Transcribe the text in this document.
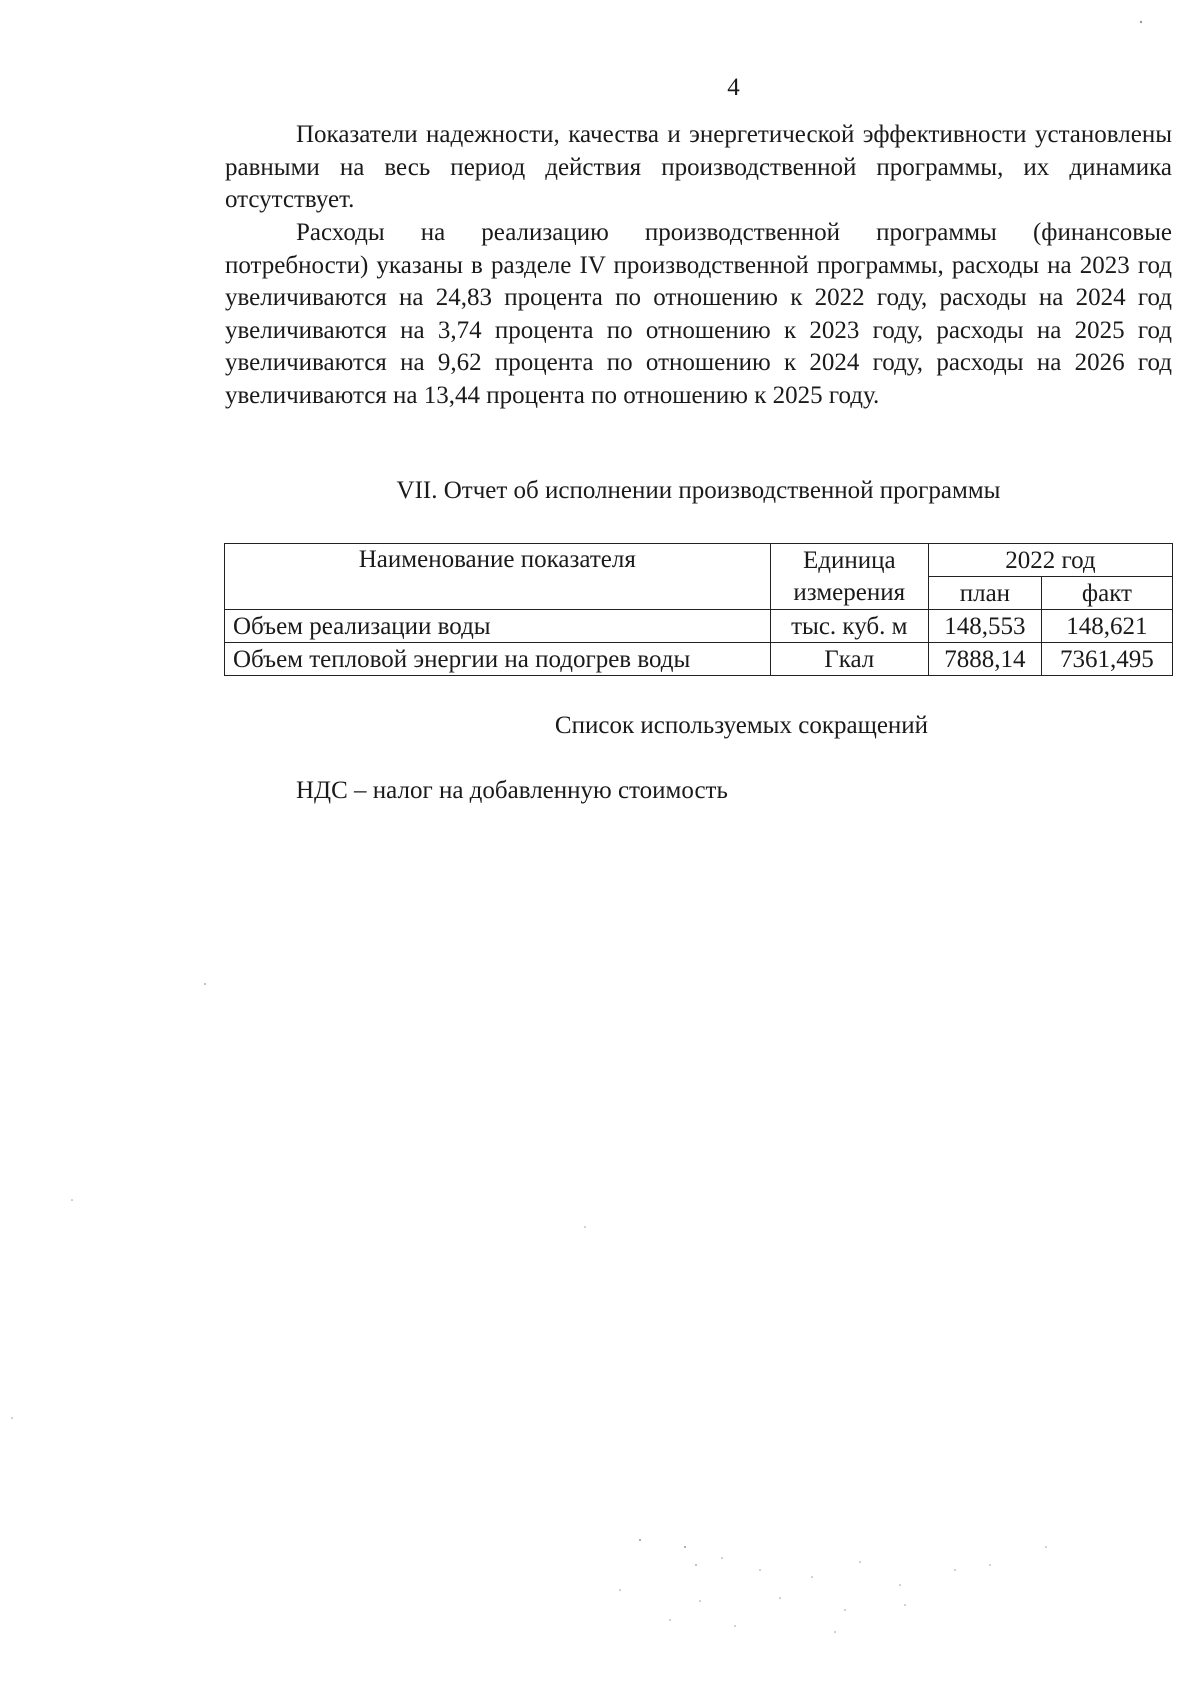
4

Показатели надежности, качества и энергетической эффективности установлены равными на весь период действия производственной программы, их динамика отсутствует.

Расходы на реализацию производственной программы (финансовые потребности) указаны в разделе IV производственной программы, расходы на 2023 год увеличиваются на 24,83 процента по отношению к 2022 году, расходы на 2024 год увеличиваются на 3,74 процента по отношению к 2023 году, расходы на 2025 год увеличиваются на 9,62 процента по отношению к 2024 году, расходы на 2026 год увеличиваются на 13,44 процента по отношению к 2025 году.

VII. Отчет об исполнении производственной программы
Наименование показателя	Единица	2022 год	
	измерения	план	факт
Объем реализации воды	тыс. куб. м	148,553	148,621
Объем тепловой энергии на подогрев воды	Гкал	7888,14	7361,495
Список используемых сокращений
НДС – налог на добавленную стоимость
